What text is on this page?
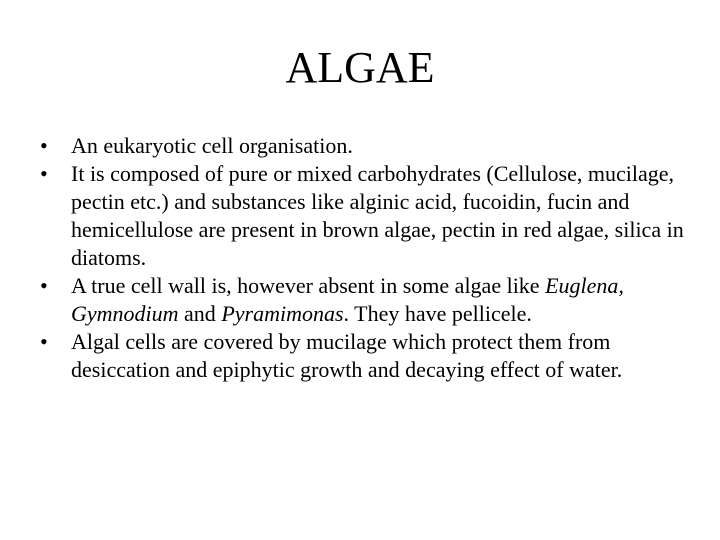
ALGAE
• An eukaryotic cell organisation.
• It is composed of pure or mixed carbohydrates (Cellulose, mucilage, pectin etc.) and substances like alginic acid, fucoidin, fucin and hemicellulose are present in brown algae, pectin in red algae, silica in diatoms.
• A true cell wall is, however absent in some algae like Euglena, Gymnodium and Pyramimonas. They have pellicele.
• Algal cells are covered by mucilage which protect them from desiccation and epiphytic growth and decaying effect of water.
